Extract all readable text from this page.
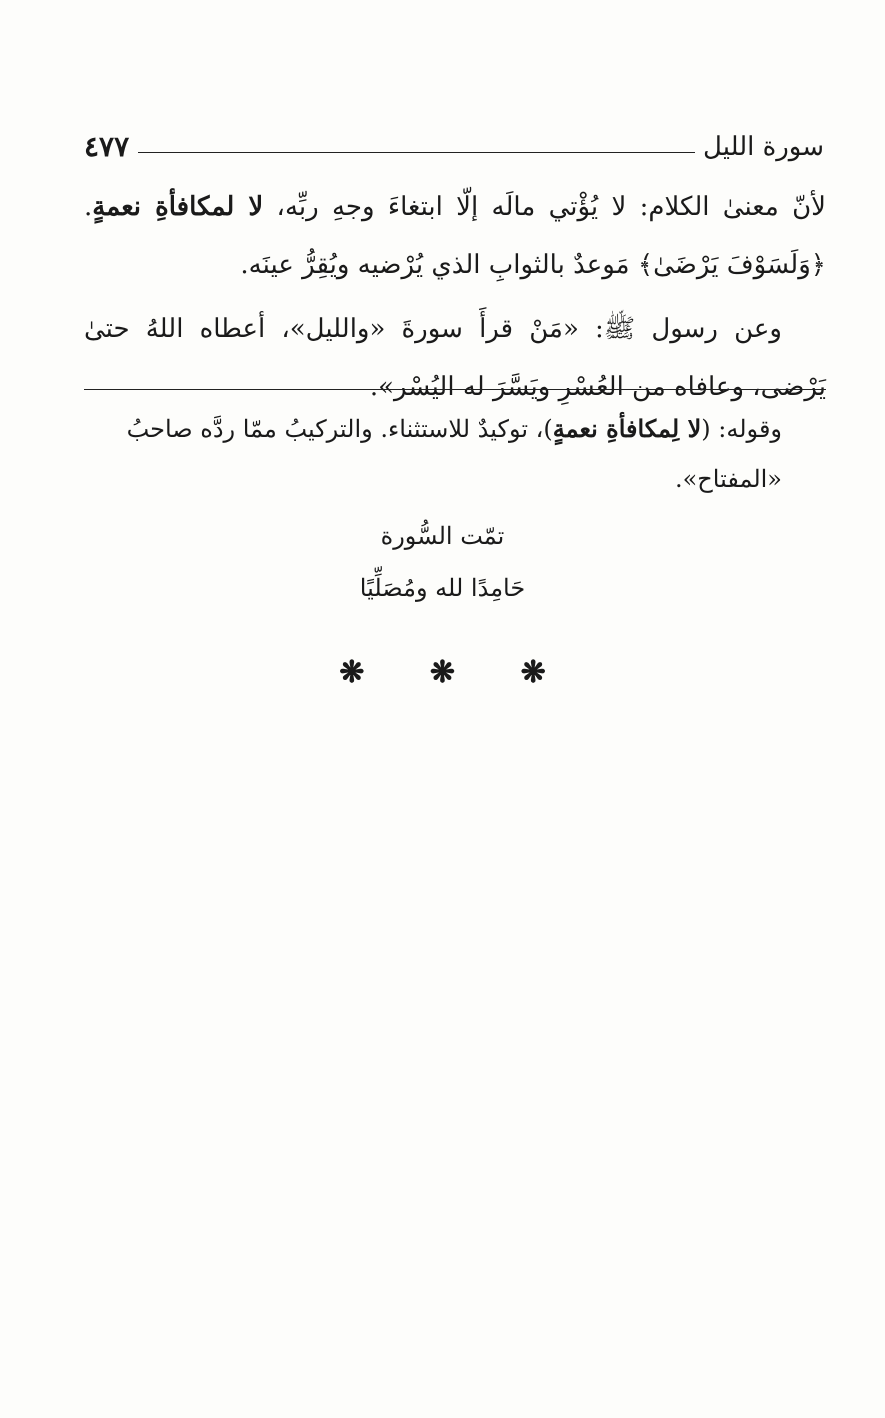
سورة الليل
٤٧٧

لأنّ معنىٰ الكلام: لا يُؤْتي مالَه إلّا ابتغاءَ وجهِ ربِّه، لا لمكافأةِ نعمةٍ. ﴿وَلَسَوْفَ يَرْضَىٰ﴾ مَوعدٌ بالثوابِ الذي يُرْضيه ويُقِرُّ عينَه.

وعن رسول ﷺ: «مَنْ قرأَ سورةَ «والليل»، أعطاه اللهُ حتىٰ يَرْضى، وعافاه من العُسْرِ ويَسَّرَ له اليُسْر».

وقوله: (لا لِمكافأةِ نعمةٍ)، توكيدٌ للاستثناء. والتركيبُ ممّا ردَّه صاحبُ «المفتاح».
تمّت السُّورة
حَامِدًا لله ومُصَلِّيًا
❋ ❋ ❋
